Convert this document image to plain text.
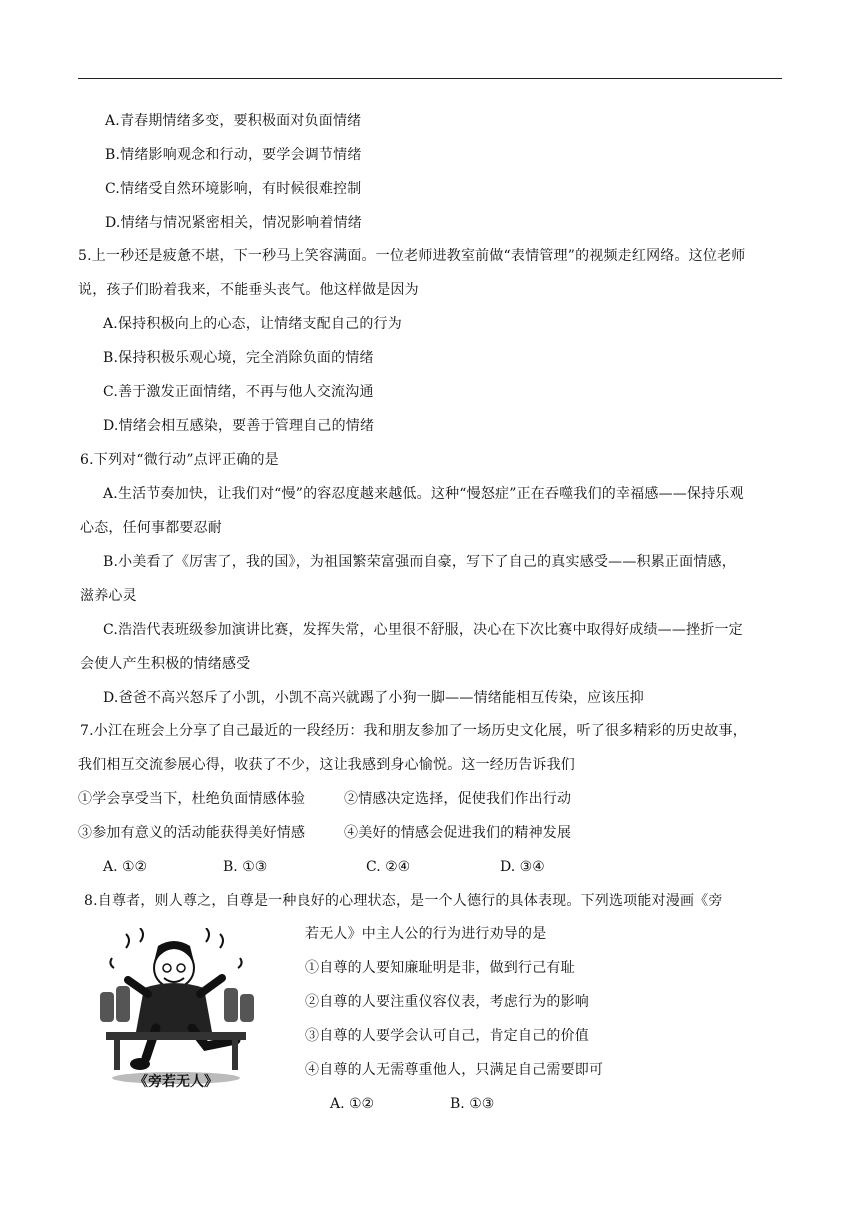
A.青春期情绪多变，要积极面对负面情绪
B.情绪影响观念和行动，要学会调节情绪
C.情绪受自然环境影响，有时候很难控制
D.情绪与情况紧密相关，情况影响着情绪
5.上一秒还是疲惫不堪，下一秒马上笑容满面。一位老师进教室前做“表情管理”的视频走红网络。这位老师
说，孩子们盼着我来，不能垂头丧气。他这样做是因为
A.保持积极向上的心态，让情绪支配自己的行为
B.保持积极乐观心境，完全消除负面的情绪
C.善于激发正面情绪，不再与他人交流沟通
D.情绪会相互感染，要善于管理自己的情绪
6.下列对“微行动”点评正确的是
A.生活节奏加快，让我们对“慢”的容忍度越来越低。这种“慢怒症”正在吞噬我们的幸福感——保持乐观
心态，任何事都要忍耐
B.小美看了《厉害了，我的国》，为祖国繁荣富强而自豪，写下了自己的真实感受——积累正面情感，
滋养心灵
C.浩浩代表班级参加演讲比赛，发挥失常，心里很不舒服，决心在下次比赛中取得好成绩——挫折一定
会使人产生积极的情绪感受
D.爸爸不高兴怒斥了小凯，小凯不高兴就踢了小狗一脚——情绪能相互传染，应该压抑
7.小江在班会上分享了自己最近的一段经历：我和朋友参加了一场历史文化展，听了很多精彩的历史故事，
我们相互交流参展心得，收获了不少，这让我感到身心愉悦。这一经历告诉我们
①学会享受当下，杜绝负面情感体验	②情感决定选择，促使我们作出行动
③参加有意义的活动能获得美好情感	④美好的情感会促进我们的精神发展
A. ①②	B. ①③	C. ②④	D. ③④
8.自尊者，则人尊之，自尊是一种良好的心理状态，是一个人德行的具体表现。下列选项能对漫画《旁
若无人》中主人公的行为进行劝导的是
①自尊的人要知廉耻明是非，做到行己有耻
②自尊的人要注重仪容仪表，考虑行为的影响
③自尊的人要学会认可自己，肯定自己的价值
④自尊的人无需尊重他人，只满足自己需要即可
A. ①②	B. ①③
《旁若无人》
